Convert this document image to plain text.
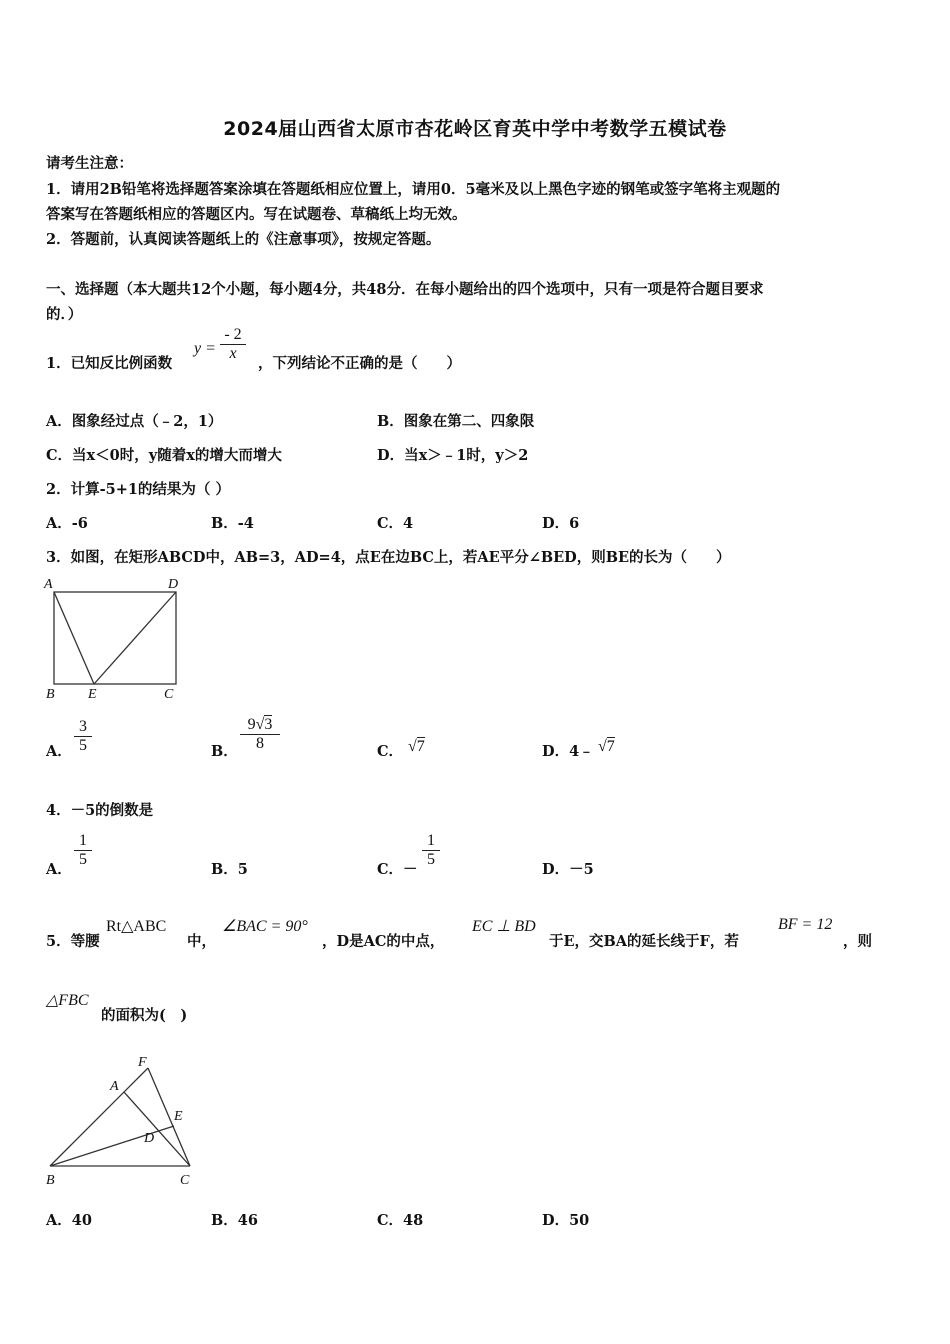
2024届山西省太原市杏花岭区育英中学中考数学五模试卷
请考生注意：
1．请用2B铅笔将选择题答案涂填在答题纸相应位置上，请用0．5毫米及以上黑色字迹的钢笔或签字笔将主观题的
答案写在答题纸相应的答题区内。写在试题卷、草稿纸上均无效。
2．答题前，认真阅读答题纸上的《注意事项》，按规定答题。
一、选择题（本大题共12个小题，每小题4分，共48分．在每小题给出的四个选项中，只有一项是符合题目要求
的．）
1．已知反比例函数
$y = \frac{- 2}{x}$
，下列结论不正确的是（　　）
A．图象经过点（﹣2，1）	B．图象在第二、四象限
C．当x＜0时，y随着x的增大而增大	D．当x＞﹣1时，y＞2
2．计算-5+1的结果为（ ）
A．-6	B．-4	C．4	D．6
3．如图，在矩形ABCD中，AB=3，AD=4，点E在边BC上，若AE平分∠BED，则BE的长为（　　）
A	D
B E	C
A． $\frac{3}{5}$	B． $\frac{9√3}{8}$	C． √7	D．4﹣ √7
4．－5的倒数是
A．
$\frac{1}{5}$
B．5	C．－
$\frac{1}{5}$
D．－5
5．等腰
Rt△ABC
中，
∠BAC = 90°
，D是AC的中点，
EC ⊥ BD
于E，交BA的延长线于F，若
BF = 12
，则
△FBC
的面积为(　)
F
A
E
D
B	C
A．40	B．46	C．48	D．50
